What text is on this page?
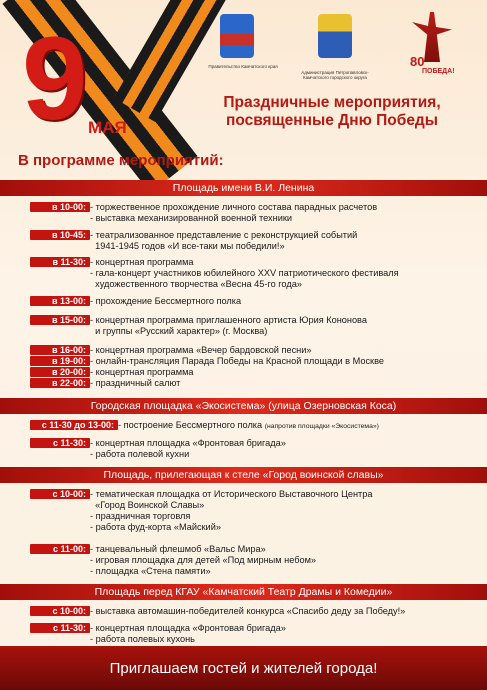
9 МАЯ
Правительство Камчатского края
Администрация Петропавловск-Камчатского городского округа
80
ПОБЕДА!
Праздничные мероприятия,
посвященные Дню Победы
В программе мероприятий:
Площадь имени В.И. Ленина
в 10-00: - торжественное прохождение личного состава парадных расчетов
- выставка механизированной военной техники
в 10-45: - театрализованное представление с реконструкцией событий
1941-1945 годов «И все-таки мы победили!»
в 11-30: - концертная программа
- гала-концерт участников юбилейного XXV патриотического фестиваля
художественного творчества «Весна 45-го года»
в 13-00: - прохождение Бессмертного полка
в 15-00: - концертная программа приглашенного артиста Юрия Кононова
и группы «Русский характер» (г. Москва)
в 16-00:
в 19-00:
в 20-00:
в 22-00:
- концертная программа «Вечер бардовской песни»
- онлайн-трансляция Парада Победы на Красной площади в Москве
- концертная программа
- праздничный салют
Городская площадка «Экосистема» (улица Озерновская Коса)
с 11-30 до 13-00: - построение Бессмертного полка (напротив площадки «Экосистема»)
с 11-30: - концертная площадка «Фронтовая бригада»
- работа полевой кухни
Площадь, прилегающая к стеле «Город воинской славы»
с 10-00: - тематическая площадка от Исторического Выставочного Центра
«Город Воинской Славы»
- праздничная торговля
- работа фуд-корта «Майский»
с 11-00: - танцевальный флешмоб «Вальс Мира»
- игровая площадка для детей «Под мирным небом»
- площадка «Стена памяти»
Площадь перед КГАУ «Камчатский Театр Драмы и Комедии»
с 10-00: - выставка автомашин-победителей конкурса «Спасибо деду за Победу!»
с 11-30: - концертная площадка «Фронтовая бригада»
- работа полевых кухонь
Приглашаем гостей и жителей города!
